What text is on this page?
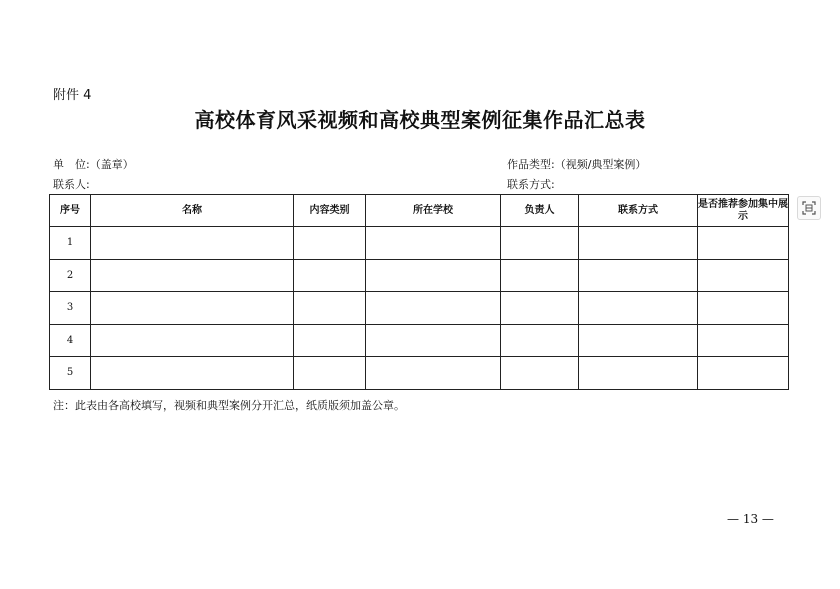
附件 4
高校体育风采视频和高校典型案例征集作品汇总表
单　位:（盖章）
联系人:
作品类型:（视频/典型案例）
联系方式:
序号	名称	内容类别	所在学校	负责人	联系方式	是否推荐参加集中展示
1						
2						
3						
4						
5						
注：此表由各高校填写，视频和典型案例分开汇总，纸质版须加盖公章。
— 13 —
